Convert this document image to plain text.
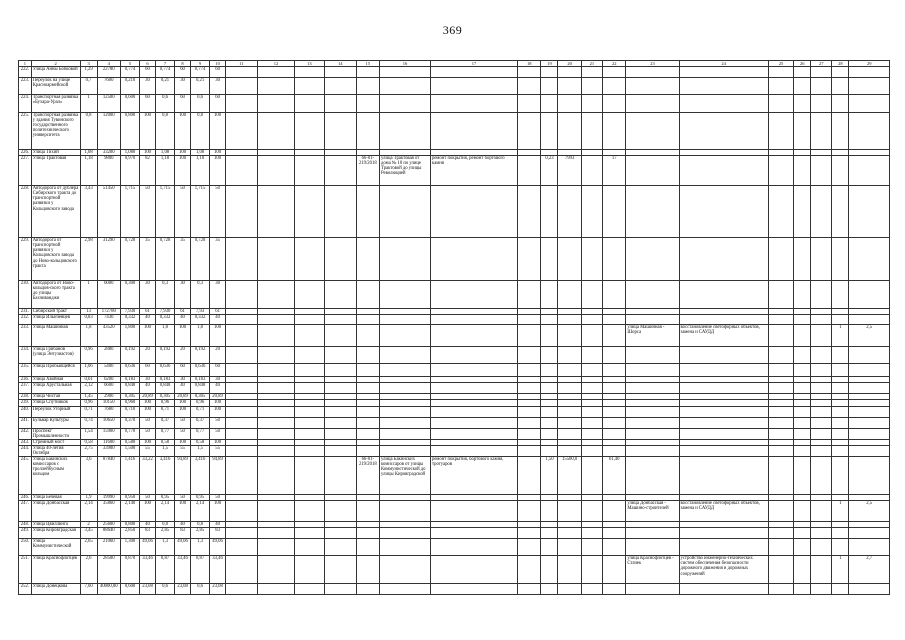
369
1	2	3	4	5	6	7	8	9	10	11	12	13	14	15	16	17	18	19	20	21	22	23	24	25	26	27	28	29
222.	Улица Анны Бобковой	1,29	22780	0,774	60	0,774	60	0,774	60																			
223.	Переулок на улице Красноармейской	0,7	7600	0,210	30	0,21	30	0,21	30																			
224.	Транспортная развязка «Бухара-Урал»	1	12500	0,600	60	0,6	60	0,6	60																			
225.	Транспортная развязка у здания Тувинского государственного политехнического университета	0,8	12000	0,800	100	0,8	100	0,8	100																			
226.	Улица Тихий	1,08	33200	1,080	100	1,08	100	1,08	100																			
227.	Улица Трактовая	1,18	9800	0,970	82	1,18	100	1,18	100					66-01-219/2018	улица Трактовая от дома № 10 по улице Трактовой до улицы Революцией	ремонт покрытия, ремонт бортового камня		0,23	7993		17							
228.	Автодорога от дублера Сибирского тракта до транспортной развязки у Кольцовского завода	3,43	51450	1,715	50	1,715	50	1,715	50																			
229.	Автодорога от транспортной развязки у Кольцовского завода до Ново-кольцовского тракта	2,98	31290	0,728	35	0,728	35	0,728	35																			
230.	Автодорога от Ново-кольцов-ского тракта до улицы Бахчиванджи	1	6000	0,300	30	0,3	30	0,3	30																			
231.	Сибирский тракт	13	172780	7,930	61	7,930	61	7,93	61																			
232.	Улица Ильичевцев	0,83	7430	0,332	40	0,332	40	0,332	40																			
233.	Улица Машинная	1,8	43520	1,800	100	1,8	100	1,8	100													улица Машинная - Шорса	восстановление светофорных объектов, замена и САУДД				1	2,5
234.	Улица Грибанов (улица Энтузиастов)	0,96	2880	0,192	20	0,192	20	0,192	20																			
235.	Улица Пробьющейся	1,06	5400	0,636	60	0,636	60	0,636	60																			
236.	Улица Хвойная	0,61	6200	0,183	30	0,183	30	0,183	30																			
237.	Улица Хрустальная	2,12	6600	0,848	40	0,848	40	0,848	40																			
238.	Улица Чистая	1,45	2900	0,305	20,89	0,305	20,89	0,305	20,89																			
239.	Улица Спутников	0,96	10150	0,960	100	0,96	100	0,96	100																			
240.	Переулок Угорный	0,71	7680	0,710	100	0,71	100	0,71	100																			
241.	Бульвар Культуры	0,74	10650	0,370	50	0,37	50	0,37	50																			
242.	Проспект Промышленности	1,54	15900	0,770	50	0,77	50	0,77	50																			
243.	Стремный мост	0,58	11600	0,580	100	0,58	100	0,58	100																			
244.	Улица 40-летия Октября	2,75	33900	1,500	55	1,5	55	1,5	55																			
245.	Улица Бакинских комиссаров с троллейбусным кольцом	3,6	87840	1,416	33,22	3,416	94,89	3,416	94,89					66-01-219/2018	улица Бакинских комиссаров от улицы Коммунистической до улицы Кировградской	ремонт покрытия, бортового камня, тротуаров		1,50	15500,0		61,40							
246.	Улица Бечевая	1,9	19990	0,950	50	0,95	50	0,95	50																			
247.	Улица Донбасская	2,14	35860	2,140	100	2,14	100	2,14	100													улица Донбасская - Машино-строителей	восстановление светофорных объектов, замена и САУДД				1	2,5
248.	Улица Цвиллинга	2	25600	0,800	40	0,8	40	0,8	40																			
249.	Улица Кировградская	3,45	88640	2,850	83	2,85	83	2,85	83																			
250.	Улица Коммунистической	2,65	21060	1,300	49,06	1,3	49,06	1,3	49,06																			
251.	Улица Краснофлотцев	2,6	28500	0,870	33,46	0,87	33,46	0,87	33,46													улица Краснофлотцев - Стачек	устройство инженерно-технических систем обеспечения безопасности дорожного движения и дорожных сооружений				1	2,7
252.	Улица Донецкова	7,60	40000,00	0,600	23,08	0,6	23,08	0,6	23,08																			
